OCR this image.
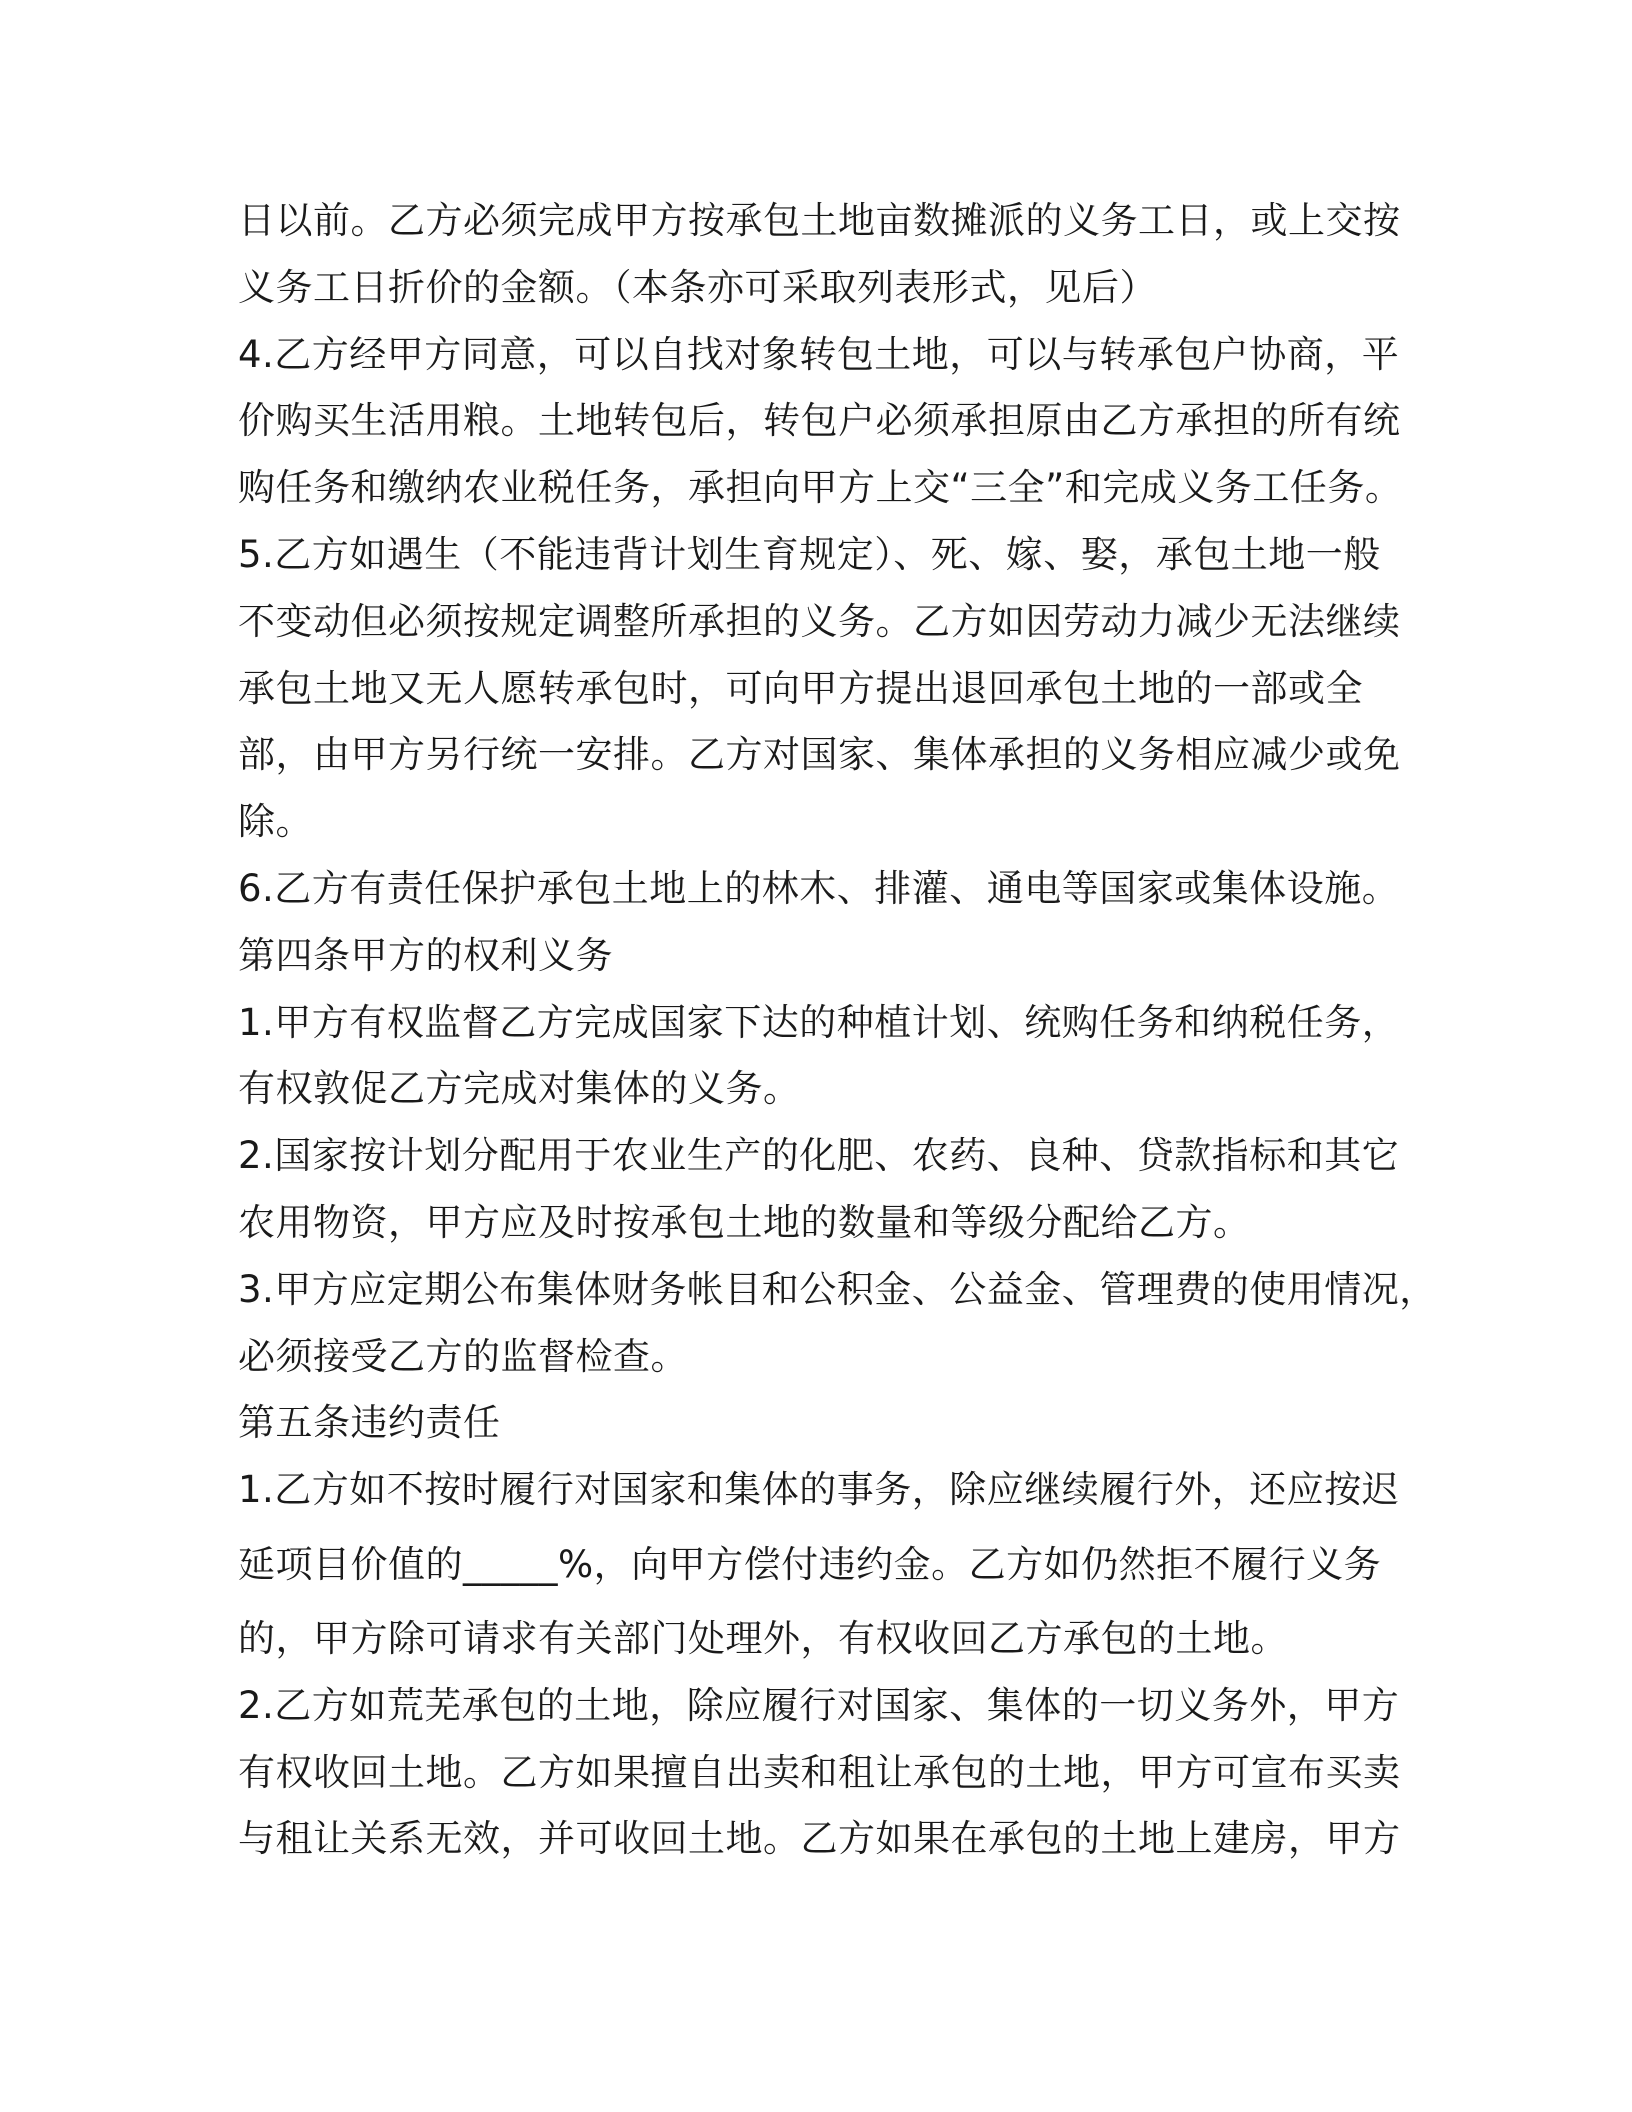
日以前。乙方必须完成甲方按承包土地亩数摊派的义务工日，或上交按
义务工日折价的金额。（本条亦可采取列表形式，见后）
4.乙方经甲方同意，可以自找对象转包土地，可以与转承包户协商，平
价购买生活用粮。土地转包后，转包户必须承担原由乙方承担的所有统
购任务和缴纳农业税任务，承担向甲方上交“三全”和完成义务工任务。
5.乙方如遇生（不能违背计划生育规定）、死、嫁、娶，承包土地一般
不变动但必须按规定调整所承担的义务。乙方如因劳动力减少无法继续
承包土地又无人愿转承包时，可向甲方提出退回承包土地的一部或全
部，由甲方另行统一安排。乙方对国家、集体承担的义务相应减少或免
除。
6.乙方有责任保护承包土地上的林木、排灌、通电等国家或集体设施。
第四条甲方的权利义务
1.甲方有权监督乙方完成国家下达的种植计划、统购任务和纳税任务，
有权敦促乙方完成对集体的义务。
2.国家按计划分配用于农业生产的化肥、农药、良种、贷款指标和其它
农用物资，甲方应及时按承包土地的数量和等级分配给乙方。
3.甲方应定期公布集体财务帐目和公积金、公益金、管理费的使用情况，
必须接受乙方的监督检查。
第五条违约责任
1.乙方如不按时履行对国家和集体的事务，除应继续履行外，还应按迟
延项目价值的_____%，向甲方偿付违约金。乙方如仍然拒不履行义务
的，甲方除可请求有关部门处理外，有权收回乙方承包的土地。
2.乙方如荒芜承包的土地，除应履行对国家、集体的一切义务外，甲方
有权收回土地。乙方如果擅自出卖和租让承包的土地，甲方可宣布买卖
与租让关系无效，并可收回土地。乙方如果在承包的土地上建房，甲方
